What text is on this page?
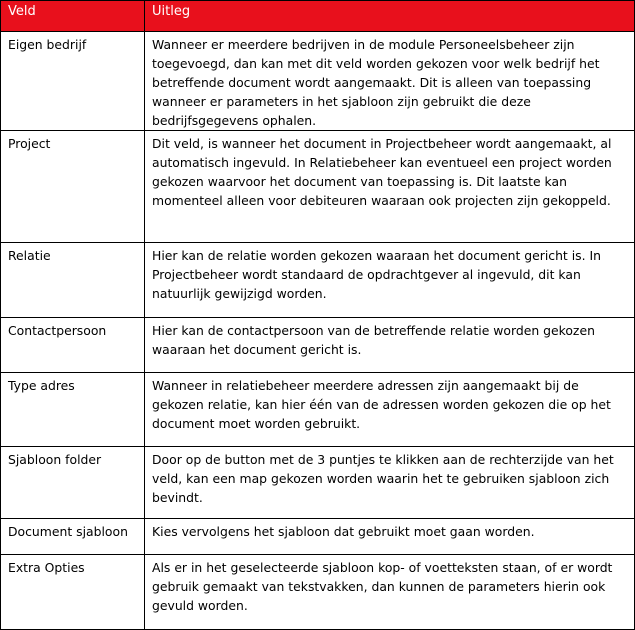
Veld	Uitleg
Eigen bedrijf	Wanneer er meerdere bedrijven in de module Personeelsbeheer zijn toegevoegd, dan kan met dit veld worden gekozen voor welk bedrijf het betreffende document wordt aangemaakt. Dit is alleen van toepassing wanneer er parameters in het sjabloon zijn gebruikt die deze bedrijfsgegevens ophalen.
Project	Dit veld, is wanneer het document in Projectbeheer wordt aangemaakt, al automatisch ingevuld. In Relatiebeheer kan eventueel een project worden gekozen waarvoor het document van toepassing is. Dit laatste kan momenteel alleen voor debiteuren waaraan ook projecten zijn gekoppeld.
Relatie	Hier kan de relatie worden gekozen waaraan het document gericht is. In Projectbeheer wordt standaard de opdrachtgever al ingevuld, dit kan natuurlijk gewijzigd worden.
Contactpersoon	Hier kan de contactpersoon van de betreffende relatie worden gekozen waaraan het document gericht is.
Type adres	Wanneer in relatiebeheer meerdere adressen zijn aangemaakt bij de gekozen relatie, kan hier één van de adressen worden gekozen die op het document moet worden gebruikt.
Sjabloon folder	Door op de button met de 3 puntjes te klikken aan de rechterzijde van het veld, kan een map gekozen worden waarin het te gebruiken sjabloon zich bevindt.
Document sjabloon	Kies vervolgens het sjabloon dat gebruikt moet gaan worden.
Extra Opties	Als er in het geselecteerde sjabloon kop- of voetteksten staan, of er wordt gebruik gemaakt van tekstvakken, dan kunnen de parameters hierin ook gevuld worden.
